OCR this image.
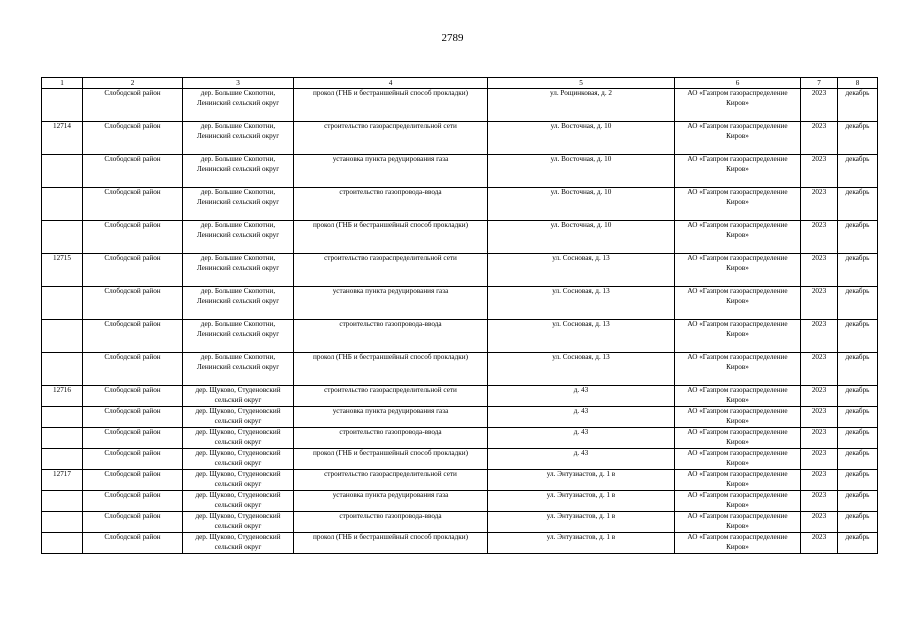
2789
1	2	3	4	5	6	7	8
	Слободской район	дер. Большие Скопотни, Ленинский сельский округ	прокол (ГНБ и бестраншейный способ прокладки)	ул. Рощинковая, д. 2	АО «Газпром газораспределение Киров»	2023	декабрь
12714	Слободской район	дер. Большие Скопотни, Ленинский сельский округ	строительство газораспределительной сети	ул. Восточная, д. 10	АО «Газпром газораспределение Киров»	2023	декабрь
	Слободской район	дер. Большие Скопотни, Ленинский сельский округ	установка пункта редуцирования газа	ул. Восточная, д. 10	АО «Газпром газораспределение Киров»	2023	декабрь
	Слободской район	дер. Большие Скопотни, Ленинский сельский округ	строительство газопровода-ввода	ул. Восточная, д. 10	АО «Газпром газораспределение Киров»	2023	декабрь
	Слободской район	дер. Большие Скопотни, Ленинский сельский округ	прокол (ГНБ и бестраншейный способ прокладки)	ул. Восточная, д. 10	АО «Газпром газораспределение Киров»	2023	декабрь
12715	Слободской район	дер. Большие Скопотни, Ленинский сельский округ	строительство газораспределительной сети	ул. Сосновая, д. 13	АО «Газпром газораспределение Киров»	2023	декабрь
	Слободской район	дер. Большие Скопотни, Ленинский сельский округ	установка пункта редуцирования газа	ул. Сосновая, д. 13	АО «Газпром газораспределение Киров»	2023	декабрь
	Слободской район	дер. Большие Скопотни, Ленинский сельский округ	строительство газопровода-ввода	ул. Сосновая, д. 13	АО «Газпром газораспределение Киров»	2023	декабрь
	Слободской район	дер. Большие Скопотни, Ленинский сельский округ	прокол (ГНБ и бестраншейный способ прокладки)	ул. Сосновая, д. 13	АО «Газпром газораспределение Киров»	2023	декабрь
12716	Слободской район	дер. Щуково, Студеновский сельский округ	строительство газораспределительной сети	д. 43	АО «Газпром газораспределение Киров»	2023	декабрь
	Слободской район	дер. Щуково, Студеновский сельский округ	установка пункта редуцирования газа	д. 43	АО «Газпром газораспределение Киров»	2023	декабрь
	Слободской район	дер. Щуково, Студеновский сельский округ	строительство газопровода-ввода	д. 43	АО «Газпром газораспределение Киров»	2023	декабрь
	Слободской район	дер. Щуково, Студеновский сельский округ	прокол (ГНБ и бестраншейный способ прокладки)	д. 43	АО «Газпром газораспределение Киров»	2023	декабрь
12717	Слободской район	дер. Щуково, Студеновский сельский округ	строительство газораспределительной сети	ул. Энтузиастов, д. 1 в	АО «Газпром газораспределение Киров»	2023	декабрь
	Слободской район	дер. Щуково, Студеновский сельский округ	установка пункта редуцирования газа	ул. Энтузиастов, д. 1 в	АО «Газпром газораспределение Киров»	2023	декабрь
	Слободской район	дер. Щуково, Студеновский сельский округ	строительство газопровода-ввода	ул. Энтузиастов, д. 1 в	АО «Газпром газораспределение Киров»	2023	декабрь
	Слободской район	дер. Щуково, Студеновский сельский округ	прокол (ГНБ и бестраншейный способ прокладки)	ул. Энтузиастов, д. 1 в	АО «Газпром газораспределение Киров»	2023	декабрь
